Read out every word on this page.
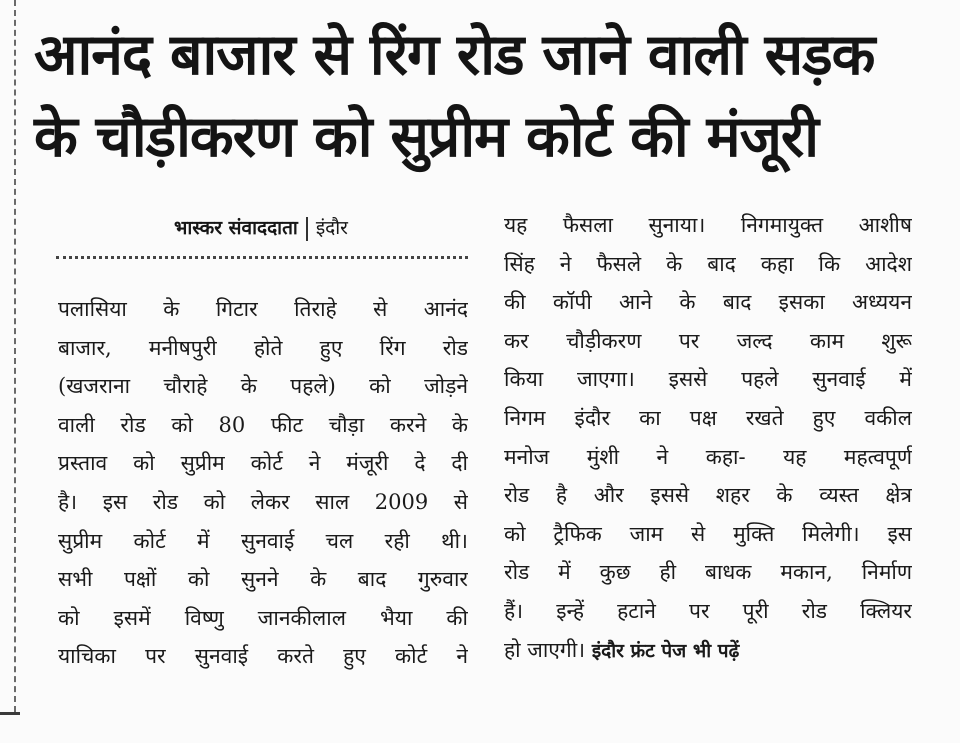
आनंद बाजार से रिंग रोड जाने वाली सड़क
के चौड़ीकरण को सुप्रीम कोर्ट की मंजूरी
भास्कर संवाददाता इंदौर
पलासिया के गिटार तिराहे से आनंद
बाजार, मनीषपुरी होते हुए रिंग रोड
(खजराना चौराहे के पहले) को जोड़ने
वाली रोड को 80 फीट चौड़ा करने के
प्रस्ताव को सुप्रीम कोर्ट ने मंजूरी दे दी
है। इस रोड को लेकर साल 2009 से
सुप्रीम कोर्ट में सुनवाई चल रही थी।
सभी पक्षों को सुनने के बाद गुरुवार
को इसमें विष्णु जानकीलाल भैया की
याचिका पर सुनवाई करते हुए कोर्ट ने
यह फैसला सुनाया। निगमायुक्त आशीष
सिंह ने फैसले के बाद कहा कि आदेश
की कॉपी आने के बाद इसका अध्ययन
कर चौड़ीकरण पर जल्द काम शुरू
किया जाएगा। इससे पहले सुनवाई में
निगम इंदौर का पक्ष रखते हुए वकील
मनोज मुंशी ने कहा- यह महत्वपूर्ण
रोड है और इससे शहर के व्यस्त क्षेत्र
को ट्रैफिक जाम से मुक्ति मिलेगी। इस
रोड में कुछ ही बाधक मकान, निर्माण
हैं। इन्हें हटाने पर पूरी रोड क्लियर
हो जाएगी। इंदौर फ्रंट पेज भी पढ़ें
